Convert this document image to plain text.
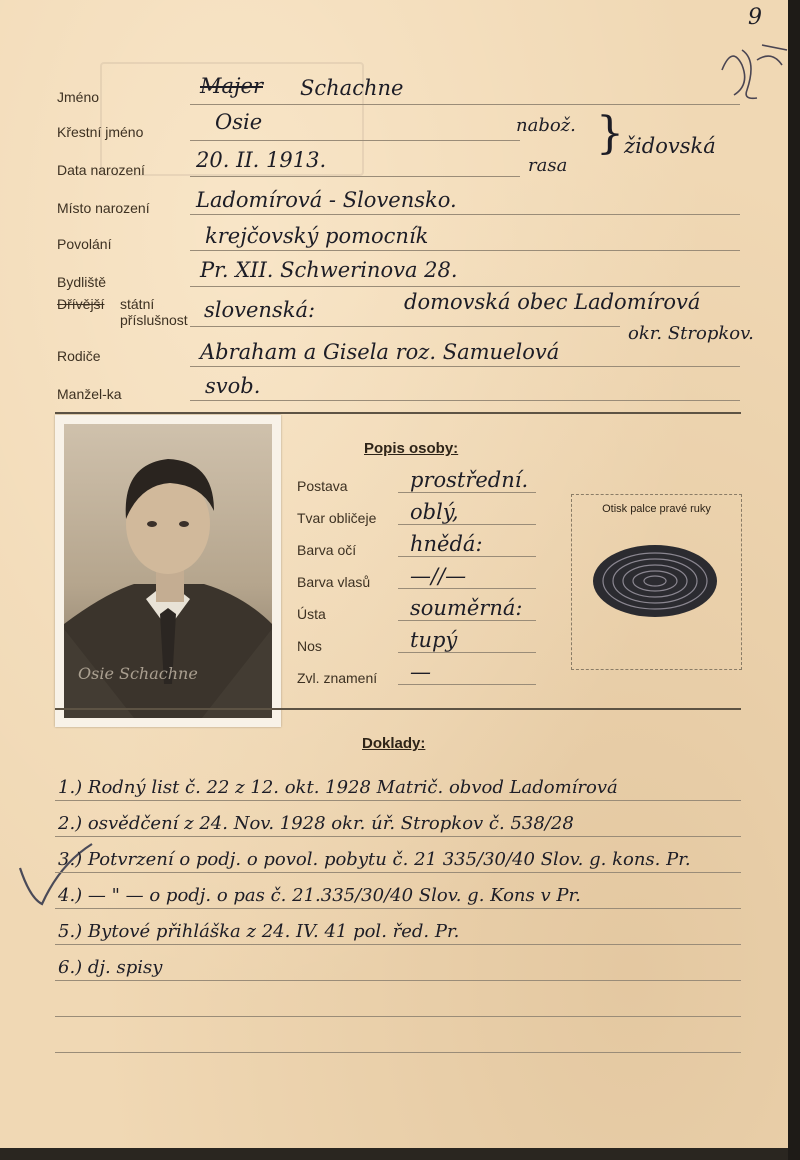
9
Jméno	Majer Schachne
Křestní jméno	Osie	nabož.
rasa
} židovská
Data narození 20. II. 1913.
Místo narození Ladomírová - Slovensko.
Povolání	krejčovský pomocník
Bydliště	Pr. XII. Schwerinova 28.
Dřívější státní
příslušnost slovenská:	domovská obec Ladomírová
okr. Stropkov.
Rodiče	Abraham a Gisela roz. Samuelová
Manžel-ka	svob.
Osie Schachne
Popis osoby:
Otisk palce pravé ruky
Doklady:
Postava	prostřední.
Tvar obličeje oblý,
Barva očí	hnědá:
Barva vlasů —//—
Ústa	souměrná:
Nos	tupý
Zvl. znamení —
1.) Rodný list č. 22 z 12. okt. 1928 Matrič. obvod Ladomírová
2.) osvědčení z 24. Nov. 1928 okr. úř. Stropkov č. 538/28
3.) Potvrzení o podj. o povol. pobytu č. 21 335/30/40 Slov. g. kons. Pr.
4.) — " — o podj. o pas č. 21.335/30/40 Slov. g. Kons v Pr.
5.) Bytové přihláška z 24. IV. 41 pol. řed. Pr.
6.) dj. spisy
